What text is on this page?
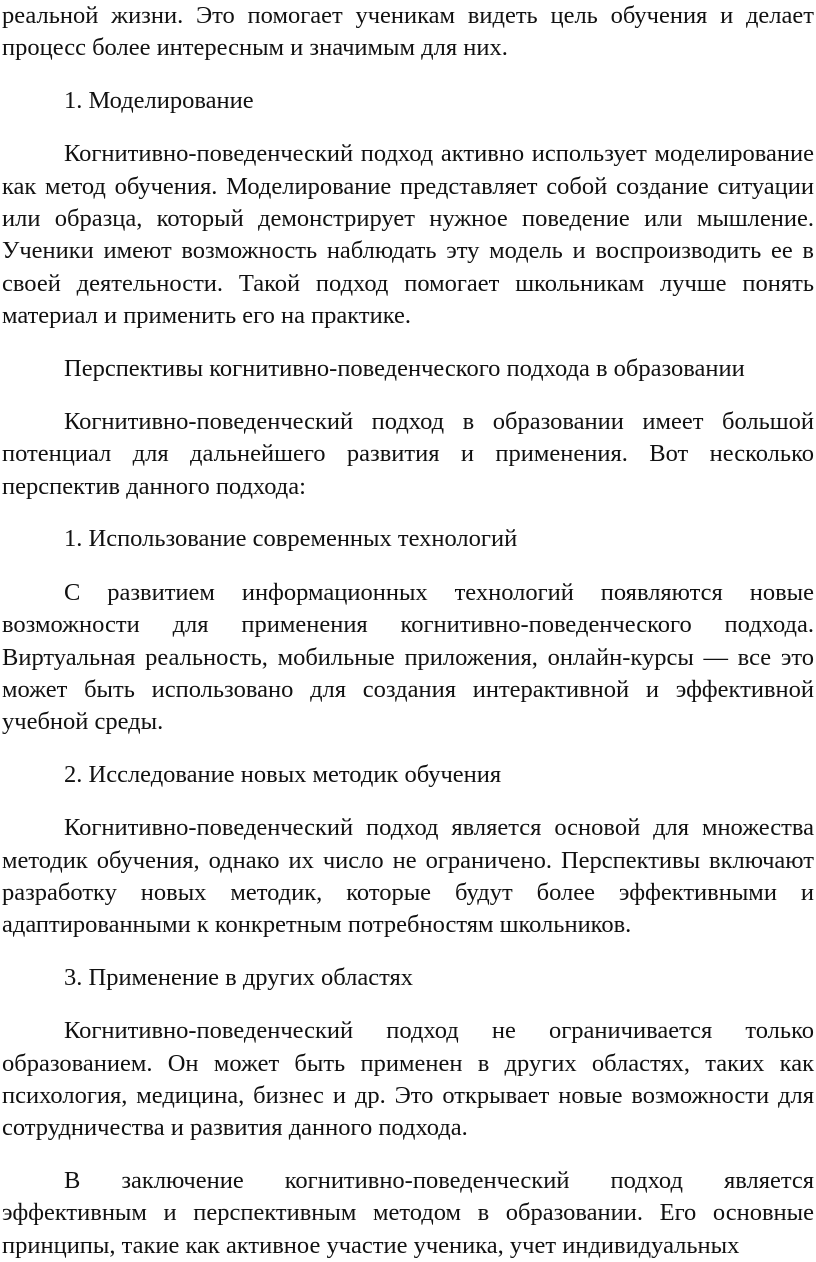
реальной жизни. Это помогает ученикам видеть цель обучения и делает процесс более интересным и значимым для них.

1. Моделирование

Когнитивно-поведенческий подход активно использует моделирование как метод обучения. Моделирование представляет собой создание ситуации или образца, который демонстрирует нужное поведение или мышление. Ученики имеют возможность наблюдать эту модель и воспроизводить ее в своей деятельности. Такой подход помогает школьникам лучше понять материал и применить его на практике.

Перспективы когнитивно-поведенческого подхода в образовании

Когнитивно-поведенческий подход в образовании имеет большой потенциал для дальнейшего развития и применения. Вот несколько перспектив данного подхода:

1. Использование современных технологий

С развитием информационных технологий появляются новые возможности для применения когнитивно-поведенческого подхода. Виртуальная реальность, мобильные приложения, онлайн-курсы — все это может быть использовано для создания интерактивной и эффективной учебной среды.

2. Исследование новых методик обучения

Когнитивно-поведенческий подход является основой для множества методик обучения, однако их число не ограничено. Перспективы включают разработку новых методик, которые будут более эффективными и адаптированными к конкретным потребностям школьников.

3. Применение в других областях

Когнитивно-поведенческий подход не ограничивается только образованием. Он может быть применен в других областях, таких как психология, медицина, бизнес и др. Это открывает новые возможности для сотрудничества и развития данного подхода.

В заключение когнитивно-поведенческий подход является эффективным и перспективным методом в образовании. Его основные принципы, такие как активное участие ученика, учет индивидуальных
